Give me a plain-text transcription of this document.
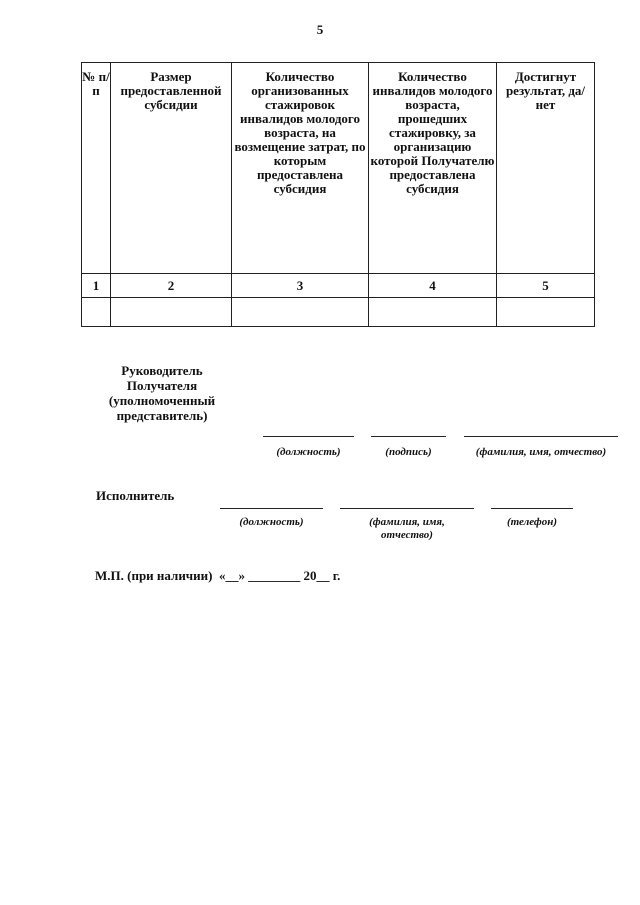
5
№ п/п	Размер предоставленной субсидии	Количество организованных стажировок инвалидов молодого возраста, на возмещение затрат, по которым предоставлена субсидия	Количество инвалидов молодого возраста, прошедших стажировку, за организацию которой Получателю предоставлена субсидия	Достигнут результат, да/нет
1	2	3	4	5

Руководитель Получателя (уполномоченный представитель)
(должность)	(подпись)	(фамилия, имя, отчество)
Исполнитель
(должность)	(фамилия, имя, отчество)
(телефон)
М.П. (при наличии)  «__» ________ 20__ г.
